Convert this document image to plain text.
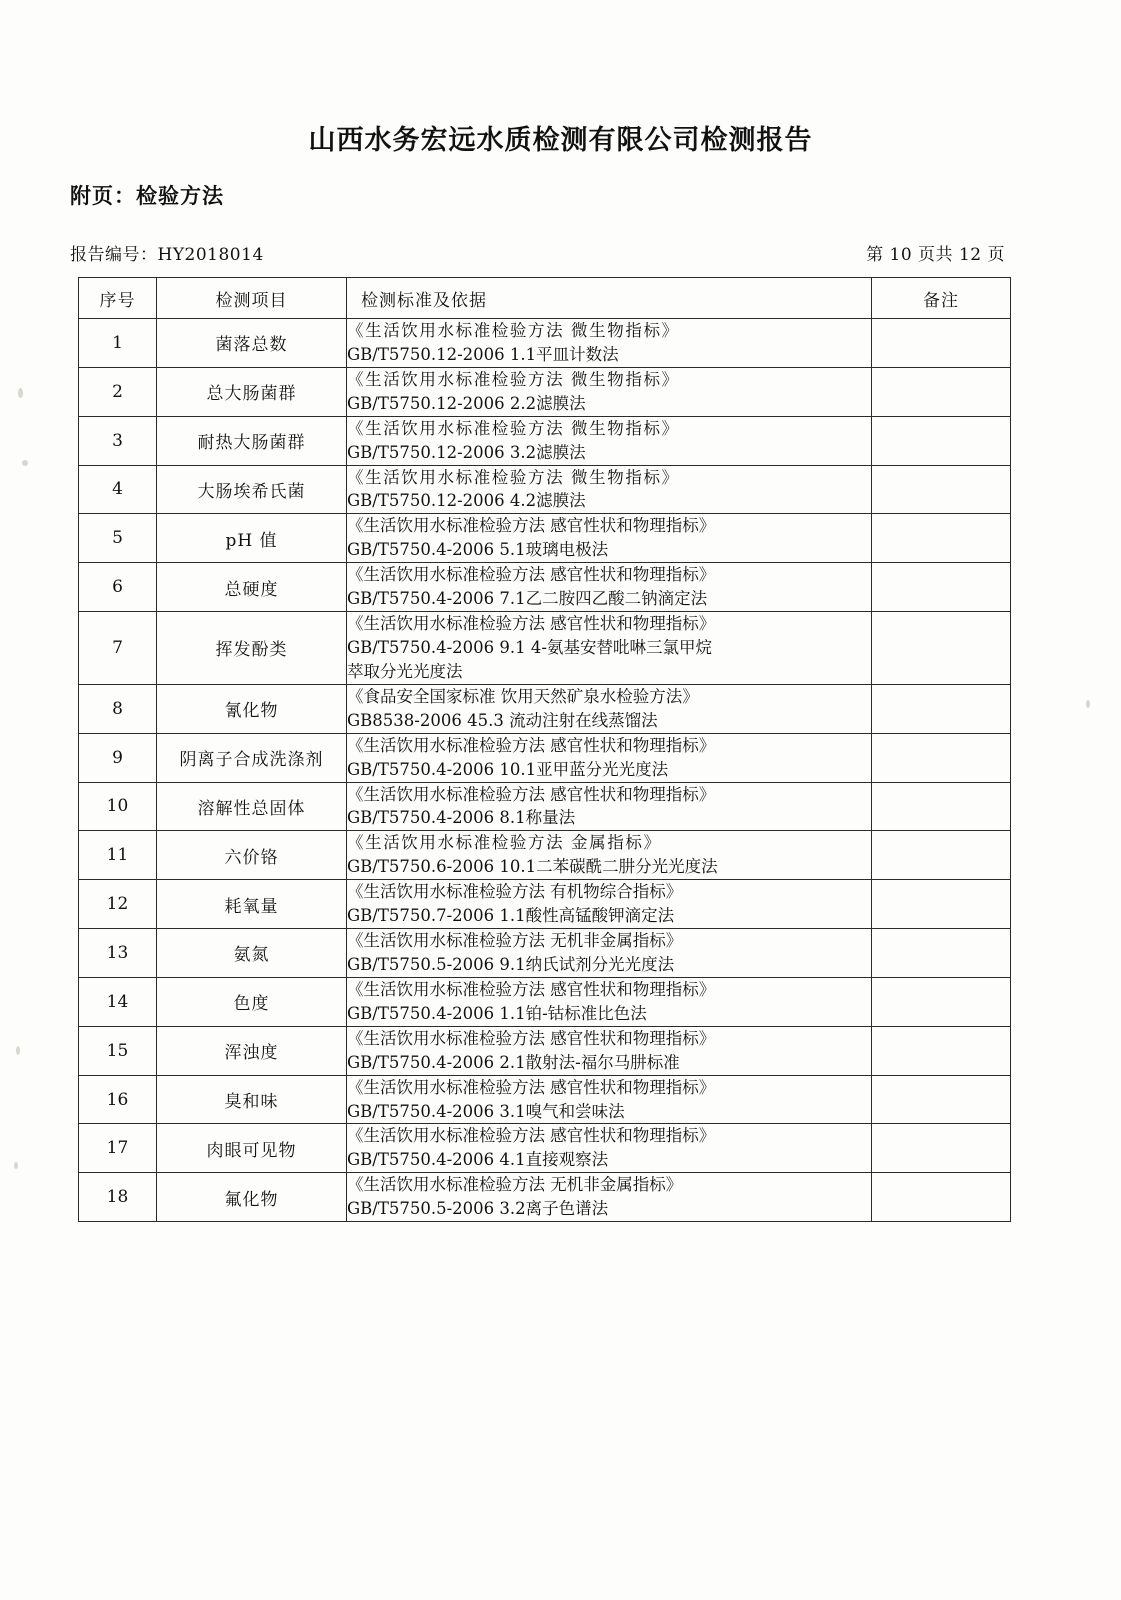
山西水务宏远水质检测有限公司检测报告
附页：检验方法
报告编号：HY2018014	第 10 页共 12 页
序号	检测项目	检测标准及依据	备注
1	菌落总数	《生活饮用水标准检验方法 微生物指标》
GB/T5750.12-2006 1.1平皿计数法	

2	总大肠菌群	《生活饮用水标准检验方法 微生物指标》
GB/T5750.12-2006 2.2滤膜法	

3	耐热大肠菌群	《生活饮用水标准检验方法 微生物指标》
GB/T5750.12-2006 3.2滤膜法	

4	大肠埃希氏菌	《生活饮用水标准检验方法 微生物指标》
GB/T5750.12-2006 4.2滤膜法	

5	pH 值	《生活饮用水标准检验方法 感官性状和物理指标》
GB/T5750.4-2006 5.1玻璃电极法	

6	总硬度	《生活饮用水标准检验方法 感官性状和物理指标》
GB/T5750.4-2006 7.1乙二胺四乙酸二钠滴定法	

7	挥发酚类	《生活饮用水标准检验方法 感官性状和物理指标》
GB/T5750.4-2006 9.1 4-氨基安替吡啉三氯甲烷
萃取分光光度法	

8	氰化物	《食品安全国家标准 饮用天然矿泉水检验方法》
GB8538-2006 45.3 流动注射在线蒸馏法	

9	阴离子合成洗涤剂	《生活饮用水标准检验方法 感官性状和物理指标》
GB/T5750.4-2006 10.1亚甲蓝分光光度法	

10	溶解性总固体	《生活饮用水标准检验方法 感官性状和物理指标》
GB/T5750.4-2006 8.1称量法	

11	六价铬	《生活饮用水标准检验方法 金属指标》
GB/T5750.6-2006 10.1二苯碳酰二肼分光光度法	

12	耗氧量	《生活饮用水标准检验方法 有机物综合指标》
GB/T5750.7-2006 1.1酸性高锰酸钾滴定法	

13	氨氮	《生活饮用水标准检验方法 无机非金属指标》
GB/T5750.5-2006 9.1纳氏试剂分光光度法	

14	色度	《生活饮用水标准检验方法 感官性状和物理指标》
GB/T5750.4-2006 1.1铂-钴标准比色法	

15	浑浊度	《生活饮用水标准检验方法 感官性状和物理指标》
GB/T5750.4-2006 2.1散射法-福尔马肼标准	

16	臭和味	《生活饮用水标准检验方法 感官性状和物理指标》
GB/T5750.4-2006 3.1嗅气和尝味法	

17	肉眼可见物	《生活饮用水标准检验方法 感官性状和物理指标》
GB/T5750.4-2006 4.1直接观察法	

18	氟化物	《生活饮用水标准检验方法 无机非金属指标》
GB/T5750.5-2006 3.2离子色谱法	
